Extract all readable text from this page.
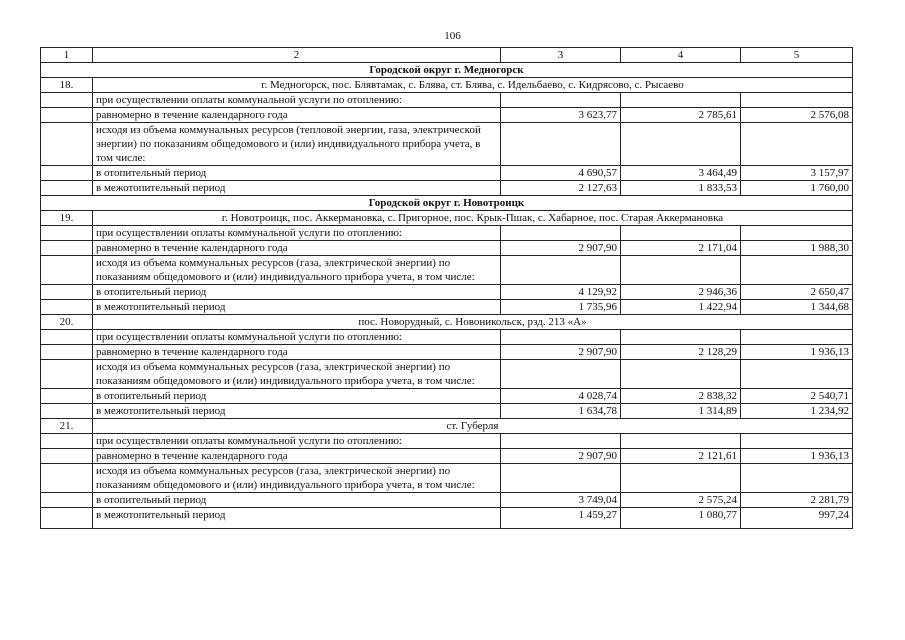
106
1	2	3	4	5
Городской округ г. Медногорск				
18.	г. Медногорск, пос. Блявтамак, с. Блява, ст. Блява, с. Идельбаево, с. Кидрясово, с. Рысаево			
	при осуществлении оплаты коммунальной услуги по отоплению:			
	равномерно в течение календарного года	3 623,77	2 785,61	2 576,08
	исходя из объема коммунальных ресурсов (тепловой энергии, газа, электрической энергии) по показаниям общедомового и (или) индивидуального прибора учета, в том числе:			
	в отопительный период	4 690,57	3 464,49	3 157,97
	в межотопительный период	2 127,63	1 833,53	1 760,00
Городской округ г. Новотроицк				
19.	г. Новотроицк, пос. Аккермановка, с. Пригорное, пос. Крык-Пшак, с. Хабарное, пос. Старая Аккермановка			
	при осуществлении оплаты коммунальной услуги по отоплению:			
	равномерно в течение календарного года	2 907,90	2 171,04	1 988,30
	исходя из объема коммунальных ресурсов (газа, электрической энергии) по показаниям общедомового и (или) индивидуального прибора учета, в том числе:			
	в отопительный период	4 129,92	2 946,36	2 650,47
	в межотопительный период	1 735,96	1 422,94	1 344,68
20.	пос. Новорудный, с. Новоникольск, рзд. 213 «А»			
	при осуществлении оплаты коммунальной услуги по отоплению:			
	равномерно в течение календарного года	2 907,90	2 128,29	1 936,13
	исходя из объема коммунальных ресурсов (газа, электрической энергии) по показаниям общедомового и (или) индивидуального прибора учета, в том числе:			
	в отопительный период	4 028,74	2 838,32	2 540,71
	в межотопительный период	1 634,78	1 314,89	1 234,92
21.	ст. Губерля			
	при осуществлении оплаты коммунальной услуги по отоплению:			
	равномерно в течение календарного года	2 907,90	2 121,61	1 936,13
	исходя из объема коммунальных ресурсов (газа, электрической энергии) по показаниям общедомового и (или) индивидуального прибора учета, в том числе:			
	в отопительный период	3 749,04	2 575,24	2 281,79
	в межотопительный период	1 459,27	1 080,77	997,24
